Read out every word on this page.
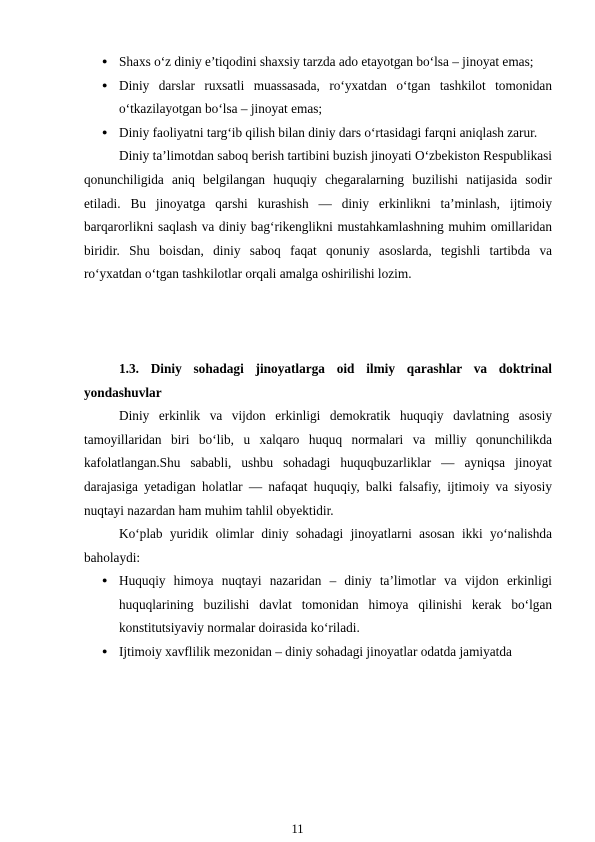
● Shaxs o‘z diniy e’tiqodini shaxsiy tarzda ado etayotgan bo‘lsa – jinoyat emas;
● Diniy darslar ruxsatli muassasada, ro‘yxatdan o‘tgan tashkilot tomonidan o‘tkazilayotgan bo‘lsa – jinoyat emas;
● Diniy faoliyatni targ‘ib qilish bilan diniy dars o‘rtasidagi farqni aniqlash zarur.

Diniy ta’limotdan saboq berish tartibini buzish jinoyati O‘zbekiston Respublikasi qonunchiligida aniq belgilangan huquqiy chegaralarning buzilishi natijasida sodir etiladi. Bu jinoyatga qarshi kurashish — diniy erkinlikni ta’minlash, ijtimoiy barqarorlikni saqlash va diniy bag‘rikenglikni mustahkamlashning muhim omillaridan biridir. Shu boisdan, diniy saboq faqat qonuniy asoslarda, tegishli tartibda va ro‘yxatdan o‘tgan tashkilotlar orqali amalga oshirilishi lozim.

1.3. Diniy sohadagi jinoyatlarga oid ilmiy qarashlar va doktrinal yondashuvlar

Diniy erkinlik va vijdon erkinligi demokratik huquqiy davlatning asosiy tamoyillaridan biri bo‘lib, u xalqaro huquq normalari va milliy qonunchilikda kafolatlangan.Shu sababli, ushbu sohadagi huquqbuzarliklar — ayniqsa jinoyat darajasiga yetadigan holatlar — nafaqat huquqiy, balki falsafiy, ijtimoiy va siyosiy nuqtayi nazardan ham muhim tahlil obyektidir.

Ko‘plab yuridik olimlar diniy sohadagi jinoyatlarni asosan ikki yo‘nalishda baholaydi:

● Huquqiy himoya nuqtayi nazaridan – diniy ta’limotlar va vijdon erkinligi huquqlarining buzilishi davlat tomonidan himoya qilinishi kerak bo‘lgan konstitutsiyaviy normalar doirasida ko‘riladi.
● Ijtimoiy xavflilik mezonidan – diniy sohadagi jinoyatlar odatda jamiyatda
11
